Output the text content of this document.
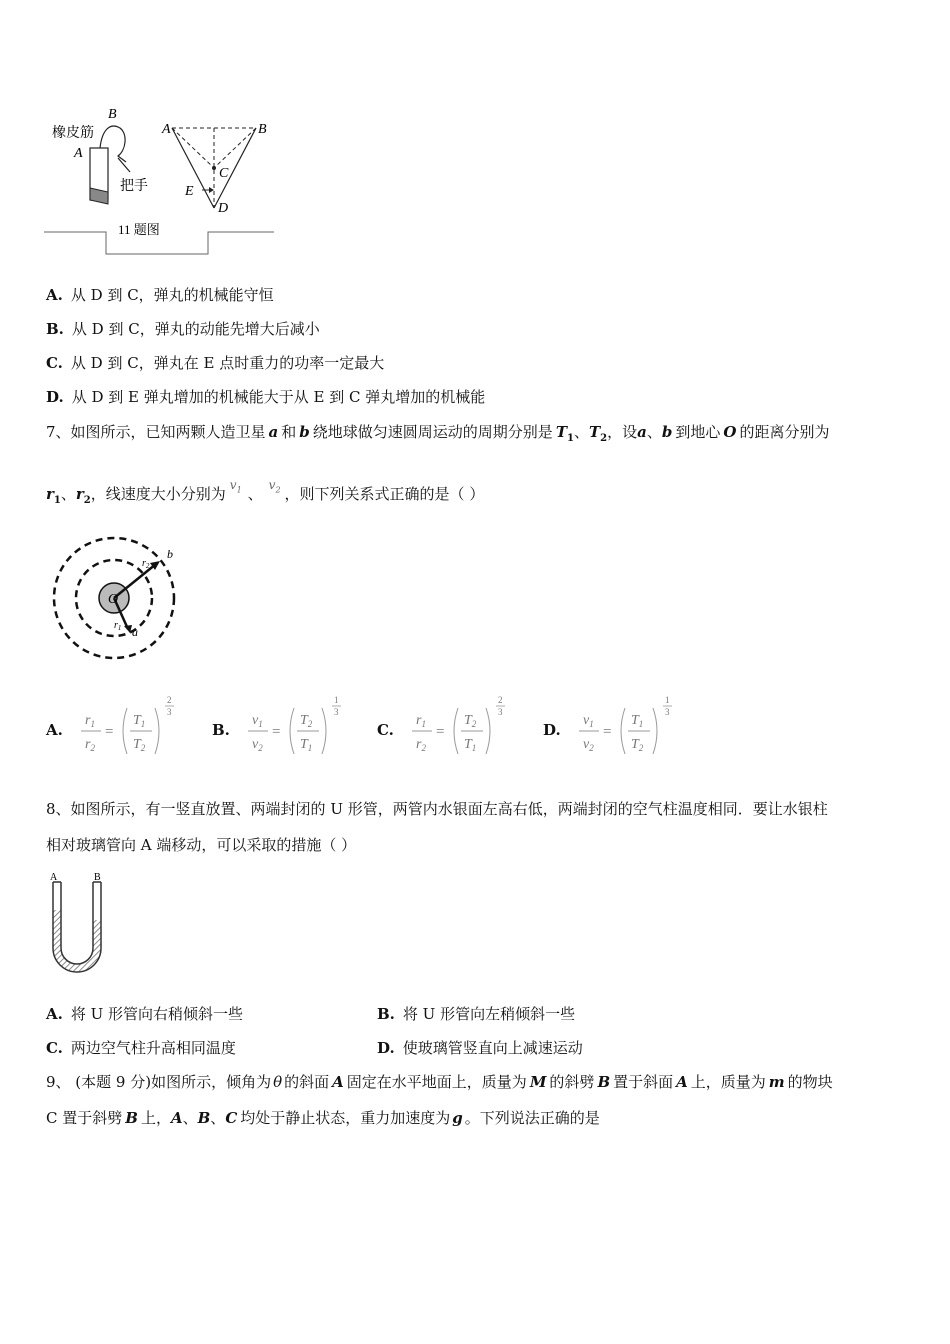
橡皮筋
B
A
把手
A	B
C
E
D
11 题图
A. 从 D 到 C，弹丸的机械能守恒
B. 从 D 到 C，弹丸的动能先增大后减小
C. 从 D 到 C，弹丸在 E 点时重力的功率一定最大
D. 从 D 到 E 弹丸增加的机械能大于从 E 到 C 弹丸增加的机械能
7、如图所示，已知两颗人造卫星 a 和 b 绕地球做匀速圆周运动的周期分别是 $T_1$、$T_2$，设a、b 到地心 O 的距离分别为
$r_1$、$r_2$，线速度大小分别为 $^{v_1}$ 、 $^{v_2}$ ，则下列关系式正确的是（ ）
O
b
a
$r_2$
$r_1$
A.
$r_1$
$r_2$
=
$T_1$
$T_2$
2
3
B.
$v_1$
$v_2$
=
$T_2$
$T_1$
1
3
C.
$r_1$
$r_2$
=
$T_2$
$T_1$
2
3
D.
$v_1$
$v_2$
=
$T_1$
$T_2$
1
3
8、如图所示，有一竖直放置、两端封闭的 U 形管，两管内水银面左高右低，两端封闭的空气柱温度相同．要让水银柱
相对玻璃管向 A 端移动，可以采取的措施（ ）
A	B
A. 将 U 形管向右稍倾斜一些	B. 将 U 形管向左稍倾斜一些
C. 两边空气柱升高相同温度	D. 使玻璃管竖直向上减速运动
9、 (本题 9 分)如图所示，倾角为 θ 的斜面 A 固定在水平地面上，质量为 M 的斜劈 B 置于斜面 A 上，质量为 m 的物块
C 置于斜劈 B 上，A、B、C 均处于静止状态，重力加速度为 g 。下列说法正确的是
